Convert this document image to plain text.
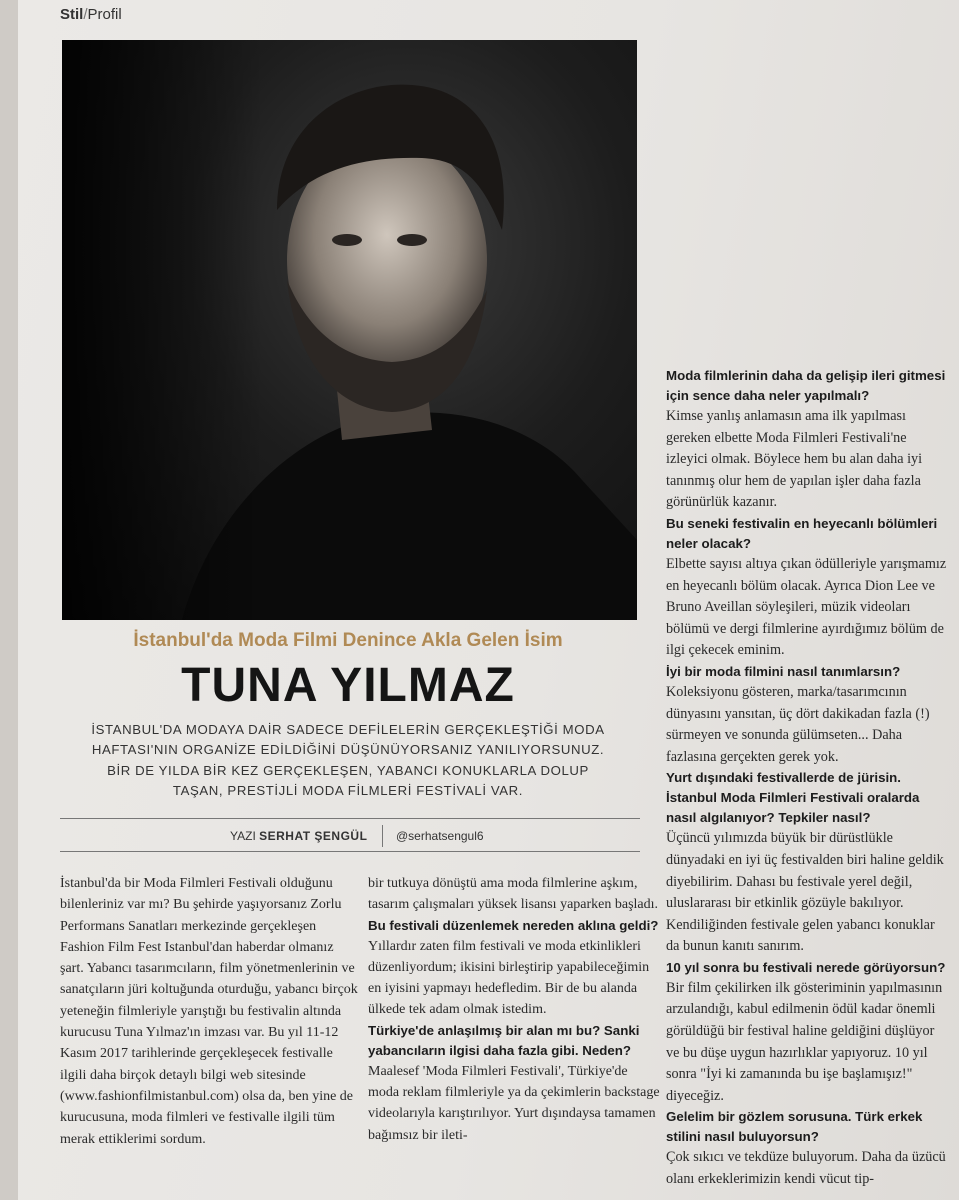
Stil/Profil
İstanbul'da Moda Filmi Denince Akla Gelen İsim
TUNA YILMAZ
İSTANBUL'DA MODAYA DAİR SADECE DEFİLELERİN GERÇEKLEŞTİĞİ MODA HAFTASI'NIN ORGANİZE EDİLDİĞİNİ DÜŞÜNÜYORSANIZ YANILIYORSUNUZ. BİR DE YILDA BİR KEZ GERÇEKLEŞEN, YABANCI KONUKLARLA DOLUP TAŞAN, PRESTİJLİ MODA FİLMLERİ FESTİVALİ VAR.
YAZI SERHAT ŞENGÜL @serhatsengul6

İstanbul'da bir Moda Filmleri Festivali olduğunu bilenleriniz var mı? Bu şehirde yaşıyorsanız Zorlu Performans Sanatları merkezinde gerçekleşen Fashion Film Fest Istanbul'dan haberdar olmanız şart. Yabancı tasarımcıların, film yönetmenlerinin ve sanatçıların jüri koltuğunda oturduğu, yabancı birçok yeteneğin filmleriyle yarıştığı bu festivalin altında kurucusu Tuna Yılmaz'ın imzası var. Bu yıl 11-12 Kasım 2017 tarihlerinde gerçekleşecek festivalle ilgili daha birçok detaylı bilgi web sitesinde (www.fashionfilmistanbul.com) olsa da, ben yine de kurucusuna, moda filmleri ve festivalle ilgili tüm merak ettiklerimi sordum.

bir tutkuya dönüştü ama moda filmlerine aşkım, tasarım çalışmaları yüksek lisansı yaparken başladı.

Bu festivali düzenlemek nereden aklına geldi?

Yıllardır zaten film festivali ve moda etkinlikleri düzenliyordum; ikisini birleştirip yapabileceğimin en iyisini yapmayı hedefledim. Bir de bu alanda ülkede tek adam olmak istedim.

Türkiye'de anlaşılmış bir alan mı bu? Sanki yabancıların ilgisi daha fazla gibi. Neden?

Maalesef 'Moda Filmleri Festivali', Türkiye'de moda reklam filmleriyle ya da çekimlerin backstage videolarıyla karıştırılıyor. Yurt dışındaysa tamamen bağımsız bir ileti-

Moda filmlerinin daha da gelişip ileri gitmesi için sence daha neler yapılmalı?

Kimse yanlış anlamasın ama ilk yapılması gereken elbette Moda Filmleri Festivali'ne izleyici olmak. Böylece hem bu alan daha iyi tanınmış olur hem de yapılan işler daha fazla görünürlük kazanır.

Bu seneki festivalin en heyecanlı bölümleri neler olacak?

Elbette sayısı altıya çıkan ödülleriyle yarışmamız en heyecanlı bölüm olacak. Ayrıca Dion Lee ve Bruno Aveillan söyleşileri, müzik videoları bölümü ve dergi filmlerine ayırdığımız bölüm de ilgi çekecek eminim.

İyi bir moda filmini nasıl tanımlarsın?

Koleksiyonu gösteren, marka/tasarımcının dünyasını yansıtan, üç dört dakikadan fazla (!) sürmeyen ve sonunda gülümseten... Daha fazlasına gerçekten gerek yok.

Yurt dışındaki festivallerde de jürisin. İstanbul Moda Filmleri Festivali oralarda nasıl algılanıyor? Tepkiler nasıl?

Üçüncü yılımızda büyük bir dürüstlükle dünyadaki en iyi üç festivalden biri haline geldik diyebilirim. Dahası bu festivale yerel değil, uluslararası bir etkinlik gözüyle bakılıyor. Kendiliğinden festivale gelen yabancı konuklar da bunun kanıtı sanırım.

10 yıl sonra bu festivali nerede görüyorsun?

Bir film çekilirken ilk gösteriminin yapılmasının arzulandığı, kabul edilmenin ödül kadar önemli görüldüğü bir festival haline geldiğini düşlüyor ve bu düşe uygun hazırlıklar yapıyoruz. 10 yıl sonra "İyi ki zamanında bu işe başlamışız!" diyeceğiz.

Gelelim bir gözlem sorusuna. Türk erkek stilini nasıl buluyorsun?

Çok sıkıcı ve tekdüze buluyorum. Daha da üzücü olanı erkeklerimizin kendi vücut tip-
